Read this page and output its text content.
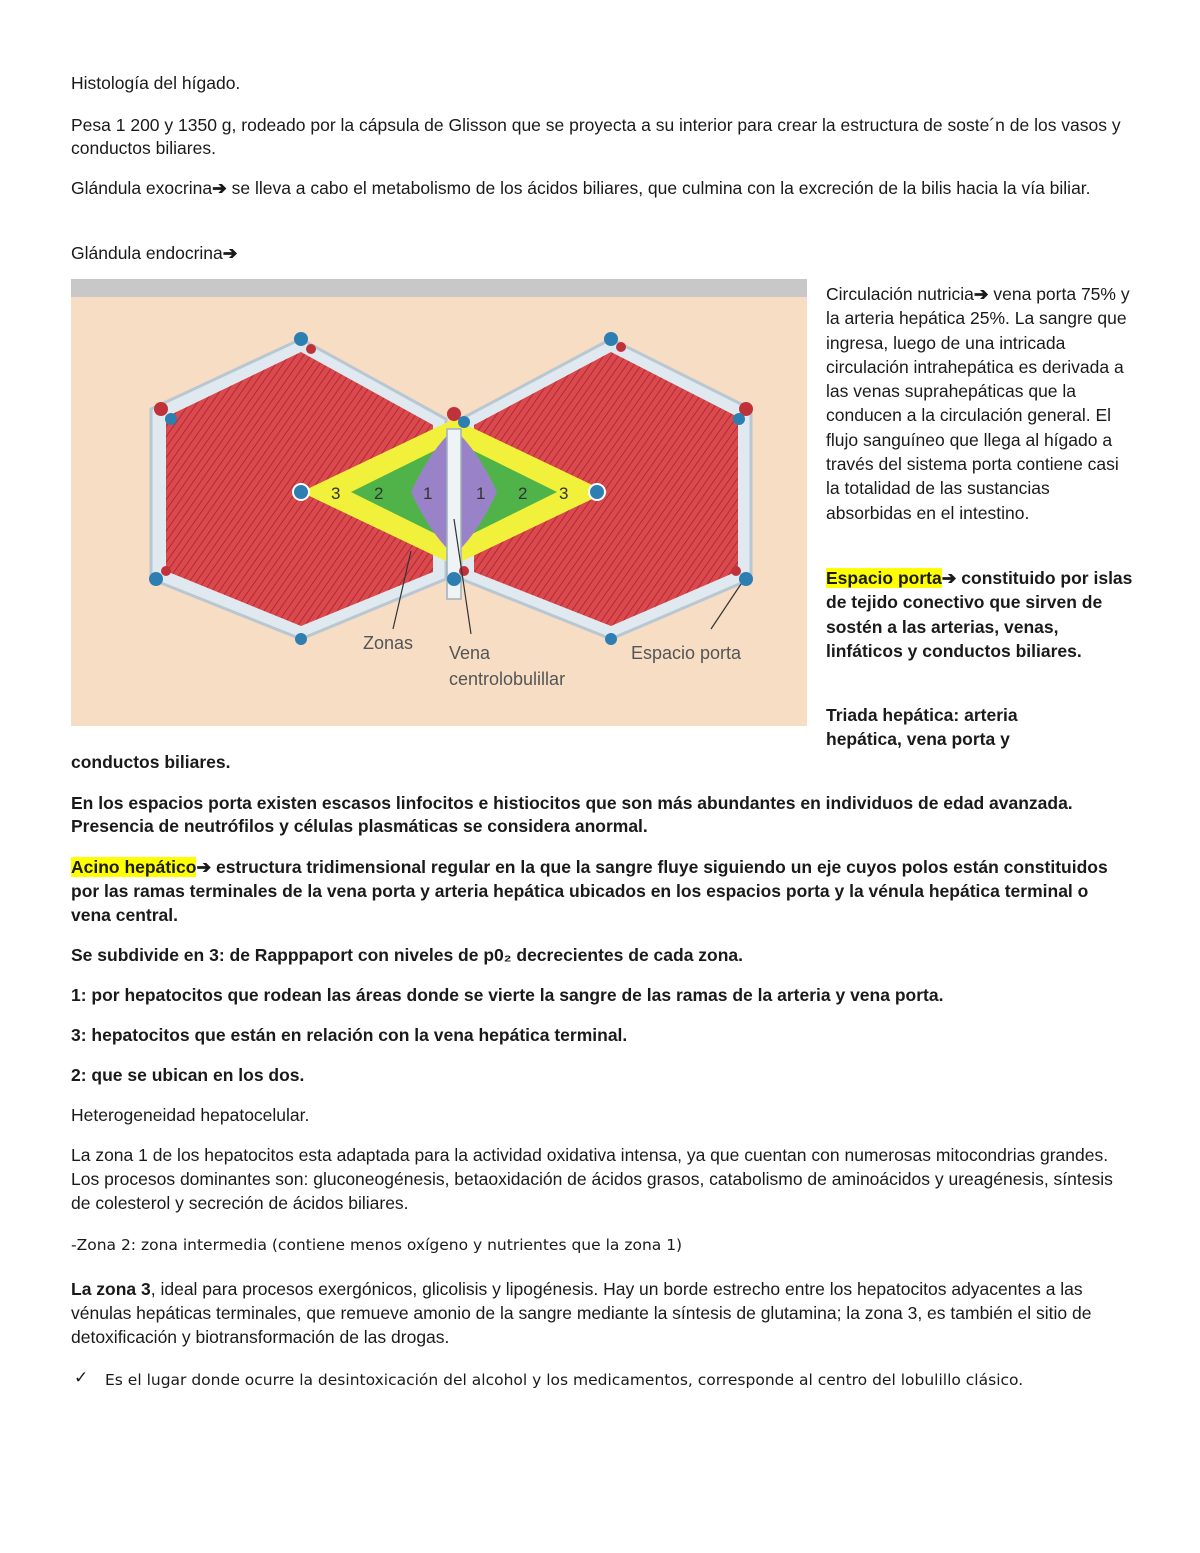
Histología del hígado.

Pesa 1 200 y 1350 g, rodeado por la cápsula de Glisson que se proyecta a su interior para crear la estructura de soste´n de los vasos y conductos biliares.

Glándula exocrina➔ se lleva a cabo el metabolismo de los ácidos biliares, que culmina con la excreción de la bilis hacia la vía biliar.

Glándula endocrina➔

3 2 1	1 2 3
Zonas Vena
centrolobulillar
Espacio porta

Circulación nutricia➔ vena porta 75% y la arteria hepática 25%. La sangre que ingresa, luego de una intricada circulación intrahepática es derivada a las venas suprahepáticas que la conducen a la circulación general. El flujo sanguíneo que llega al hígado a través del sistema porta contiene casi la totalidad de las sustancias absorbidas en el intestino.

Espacio porta➔ constituido por islas de tejido conectivo que sirven de sostén a las arterias, venas, linfáticos y conductos biliares.

Triada hepática: arteria hepática, vena porta y

conductos biliares.

En los espacios porta existen escasos linfocitos e histiocitos que son más abundantes en individuos de edad avanzada. Presencia de neutrófilos y células plasmáticas se considera anormal.

Acino hepático➔ estructura tridimensional regular en la que la sangre fluye siguiendo un eje cuyos polos están constituidos por las ramas terminales de la vena porta y arteria hepática ubicados en los espacios porta y la vénula hepática terminal o vena central.

Se subdivide en 3: de Rapppaport con niveles de p0₂ decrecientes de cada zona.

1: por hepatocitos que rodean las áreas donde se vierte la sangre de las ramas de la arteria y vena porta.

3: hepatocitos que están en relación con la vena hepática terminal.

2: que se ubican en los dos.

Heterogeneidad hepatocelular.

La zona 1 de los hepatocitos esta adaptada para la actividad oxidativa intensa, ya que cuentan con numerosas mitocondrias grandes. Los procesos dominantes son: gluconeogénesis, betaoxidación de ácidos grasos, catabolismo de aminoácidos y ureagénesis, síntesis de colesterol y secreción de ácidos biliares.

-Zona 2: zona intermedia (contiene menos oxígeno y nutrientes que la zona 1)

La zona 3, ideal para procesos exergónicos, glicolisis y lipogénesis. Hay un borde estrecho entre los hepatocitos adyacentes a las vénulas hepáticas terminales, que remueve amonio de la sangre mediante la síntesis de glutamina; la zona 3, es también el sitio de detoxificación y biotransformación de las drogas.

✓ Es el lugar donde ocurre la desintoxicación del alcohol y los medicamentos, corresponde al centro del lobulillo clásico.
